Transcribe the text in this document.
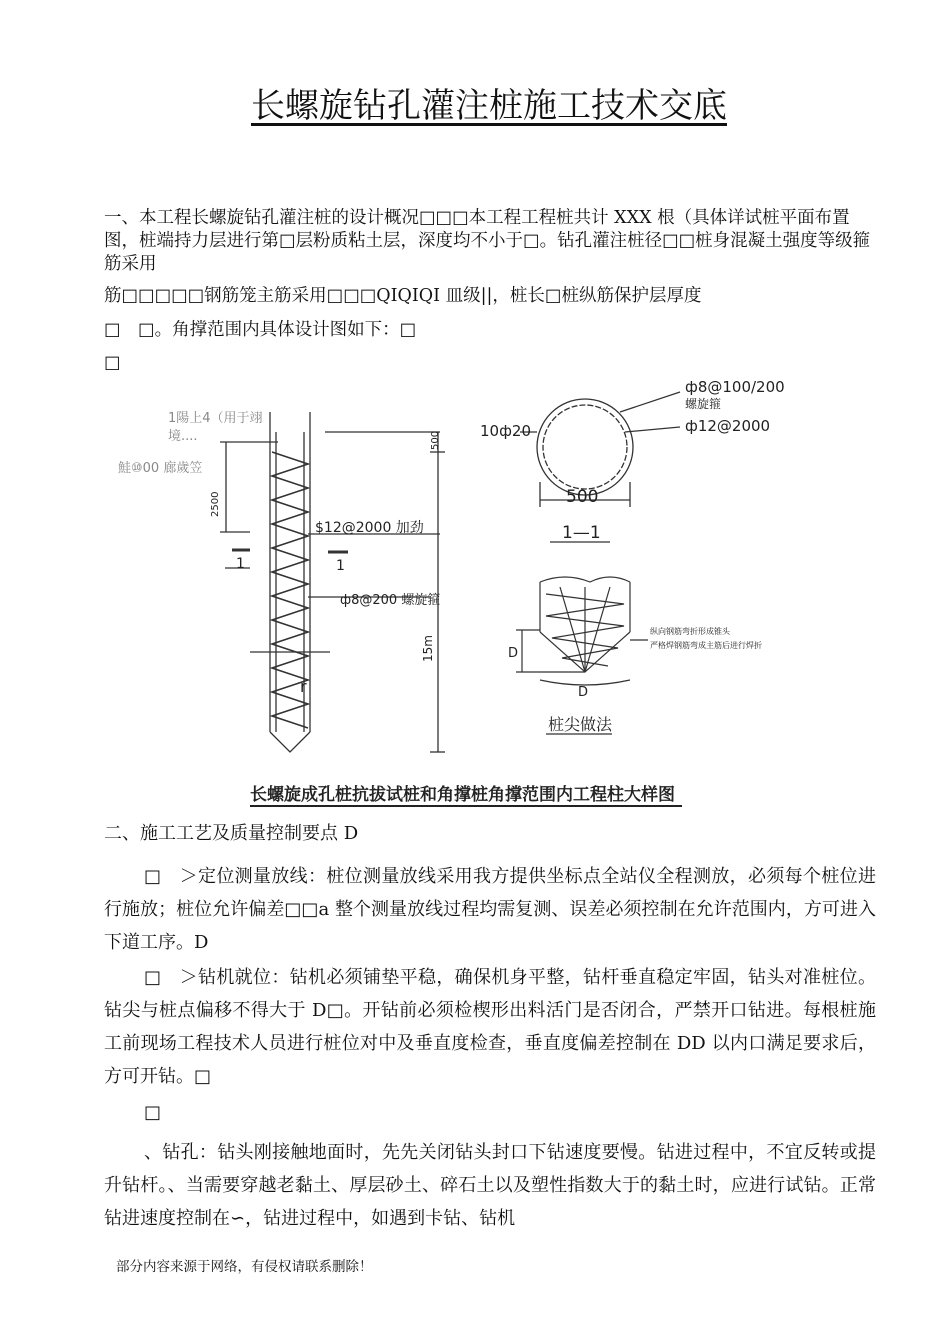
长螺旋钻孔灌注桩施工技术交底
一、本工程长螺旋钻孔灌注桩的设计概况□□□本工程工程桩共计 XXX 根（具体详试桩平面布置图，桩端持力层进行第□层粉质粘土层，深度均不小于□。钻孔灌注桩径□□桩身混凝土强度等级箍筋采用
筋□□□□□钢筋笼主筋采用□□□QIQIQI 皿级||，桩长□桩纵筋保护层厚度
□　□。角撑范围内具体设计图如下：□
□
1陽上4（用于翊
境....
鮭⑩00 廊歲笠
2500
500
15m
$12@2000 加劲
ф8@200 螺旋箍
1	1
r
ф8@100/200
螺旋箍
ф12@2000
10ф20
500
1—1
纵向钢筋弯折形成锥头
严格焊钢筋弯成主筋后进行焊折
D
D
桩尖做法
长螺旋成孔桩抗拔试桩和角撑桩角撑范围内工程柱大样图
二、施工工艺及质量控制要点 D
□　＞定位测量放线：桩位测量放线采用我方提供坐标点全站仪全程测放，必须每个桩位进行施放；桩位允许偏差□□a 整个测量放线过程均需复测、误差必须控制在允许范围内，方可进入下道工序。D
□　＞钻机就位：钻机必须铺垫平稳，确保机身平整，钻杆垂直稳定牢固，钻头对准桩位。钻尖与桩点偏移不得大于 D□。开钻前必须检楔形出料活门是否闭合，严禁开口钻进。每根桩施工前现场工程技术人员进行桩位对中及垂直度检查，垂直度偏差控制在 DD 以内口满足要求后，方可开钻。□
□
、钻孔：钻头刚接触地面时，先先关闭钻头封口下钻速度要慢。钻进过程中，不宜反转或提升钻杆。、当需要穿越老黏土、厚层砂土、碎石土以及塑性指数大于的黏土时，应进行试钻。正常钻进速度控制在∽，钻进过程中，如遇到卡钻、钻机
部分内容来源于网络，有侵权请联系删除！
